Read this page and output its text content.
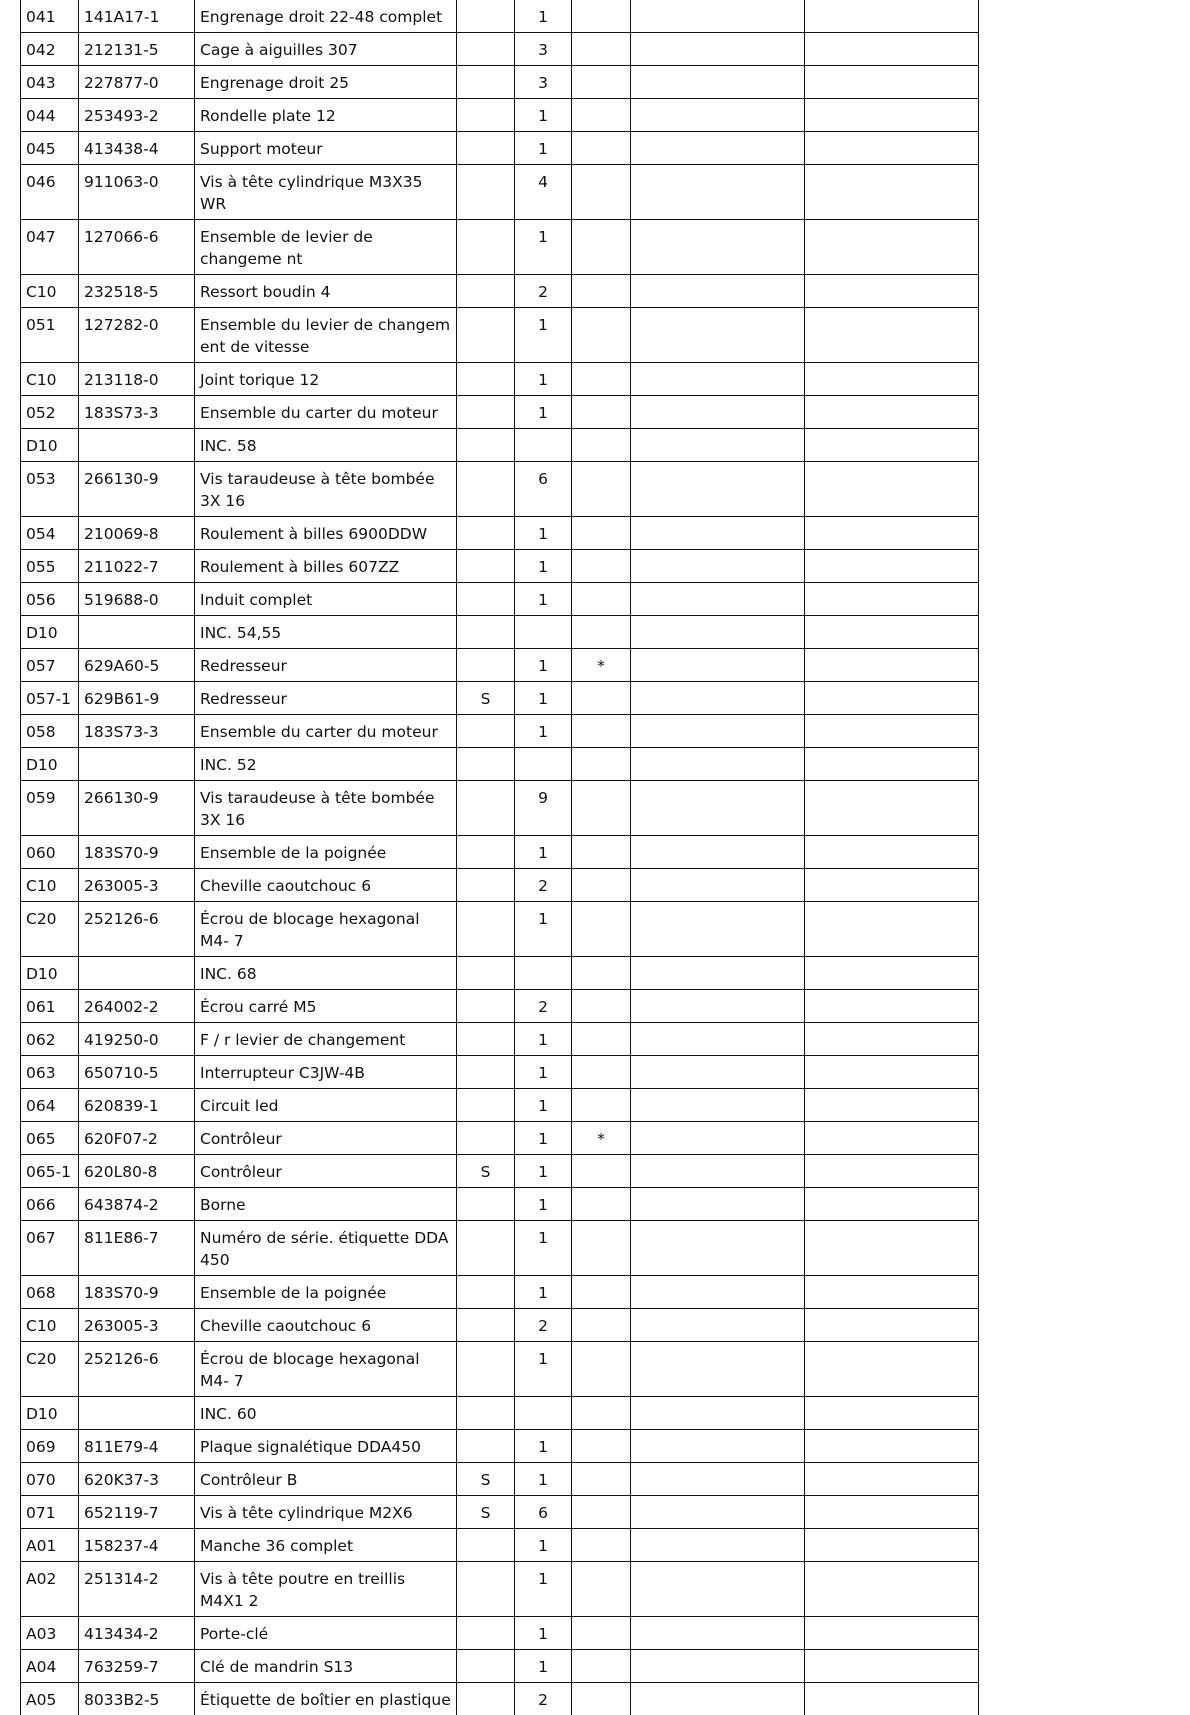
041	141A17-1	Engrenage droit 22-48 complet		1			
042	212131-5	Cage à aiguilles 307		3			
043	227877-0	Engrenage droit 25		3			
044	253493-2	Rondelle plate 12		1			
045	413438-4	Support moteur		1			
046	911063-0	Vis à tête cylindrique M3X35 WR		4			
047	127066-6	Ensemble de levier de changeme nt		1			
C10	232518-5	Ressort boudin 4		2			
051	127282-0	Ensemble du levier de changem ent de vitesse		1			
C10	213118-0	Joint torique 12		1			
052	183S73-3	Ensemble du carter du moteur		1			
D10		INC. 58					
053	266130-9	Vis taraudeuse à tête bombée 3X 16		6			
054	210069-8	Roulement à billes 6900DDW		1			
055	211022-7	Roulement à billes 607ZZ		1			
056	519688-0	Induit complet		1			
D10		INC. 54,55					
057	629A60-5	Redresseur		1	*		
057-1	629B61-9	Redresseur	S	1			
058	183S73-3	Ensemble du carter du moteur		1			
D10		INC. 52					
059	266130-9	Vis taraudeuse à tête bombée 3X 16		9			
060	183S70-9	Ensemble de la poignée		1			
C10	263005-3	Cheville caoutchouc 6		2			
C20	252126-6	Écrou de blocage hexagonal M4- 7		1			
D10		INC. 68					
061	264002-2	Écrou carré M5		2			
062	419250-0	F / r levier de changement		1			
063	650710-5	Interrupteur C3JW-4B		1			
064	620839-1	Circuit led		1			
065	620F07-2	Contrôleur		1	*		
065-1	620L80-8	Contrôleur	S	1			
066	643874-2	Borne		1			
067	811E86-7	Numéro de série. étiquette DDA 450		1			
068	183S70-9	Ensemble de la poignée		1			
C10	263005-3	Cheville caoutchouc 6		2			
C20	252126-6	Écrou de blocage hexagonal M4- 7		1			
D10		INC. 60					
069	811E79-4	Plaque signalétique DDA450		1			
070	620K37-3	Contrôleur B	S	1			
071	652119-7	Vis à tête cylindrique M2X6	S	6			
A01	158237-4	Manche 36 complet		1			
A02	251314-2	Vis à tête poutre en treillis M4X1 2		1			
A03	413434-2	Porte-clé		1			
A04	763259-7	Clé de mandrin S13		1			
A05	8033B2-5	Étiquette de boîtier en plastique		2			
